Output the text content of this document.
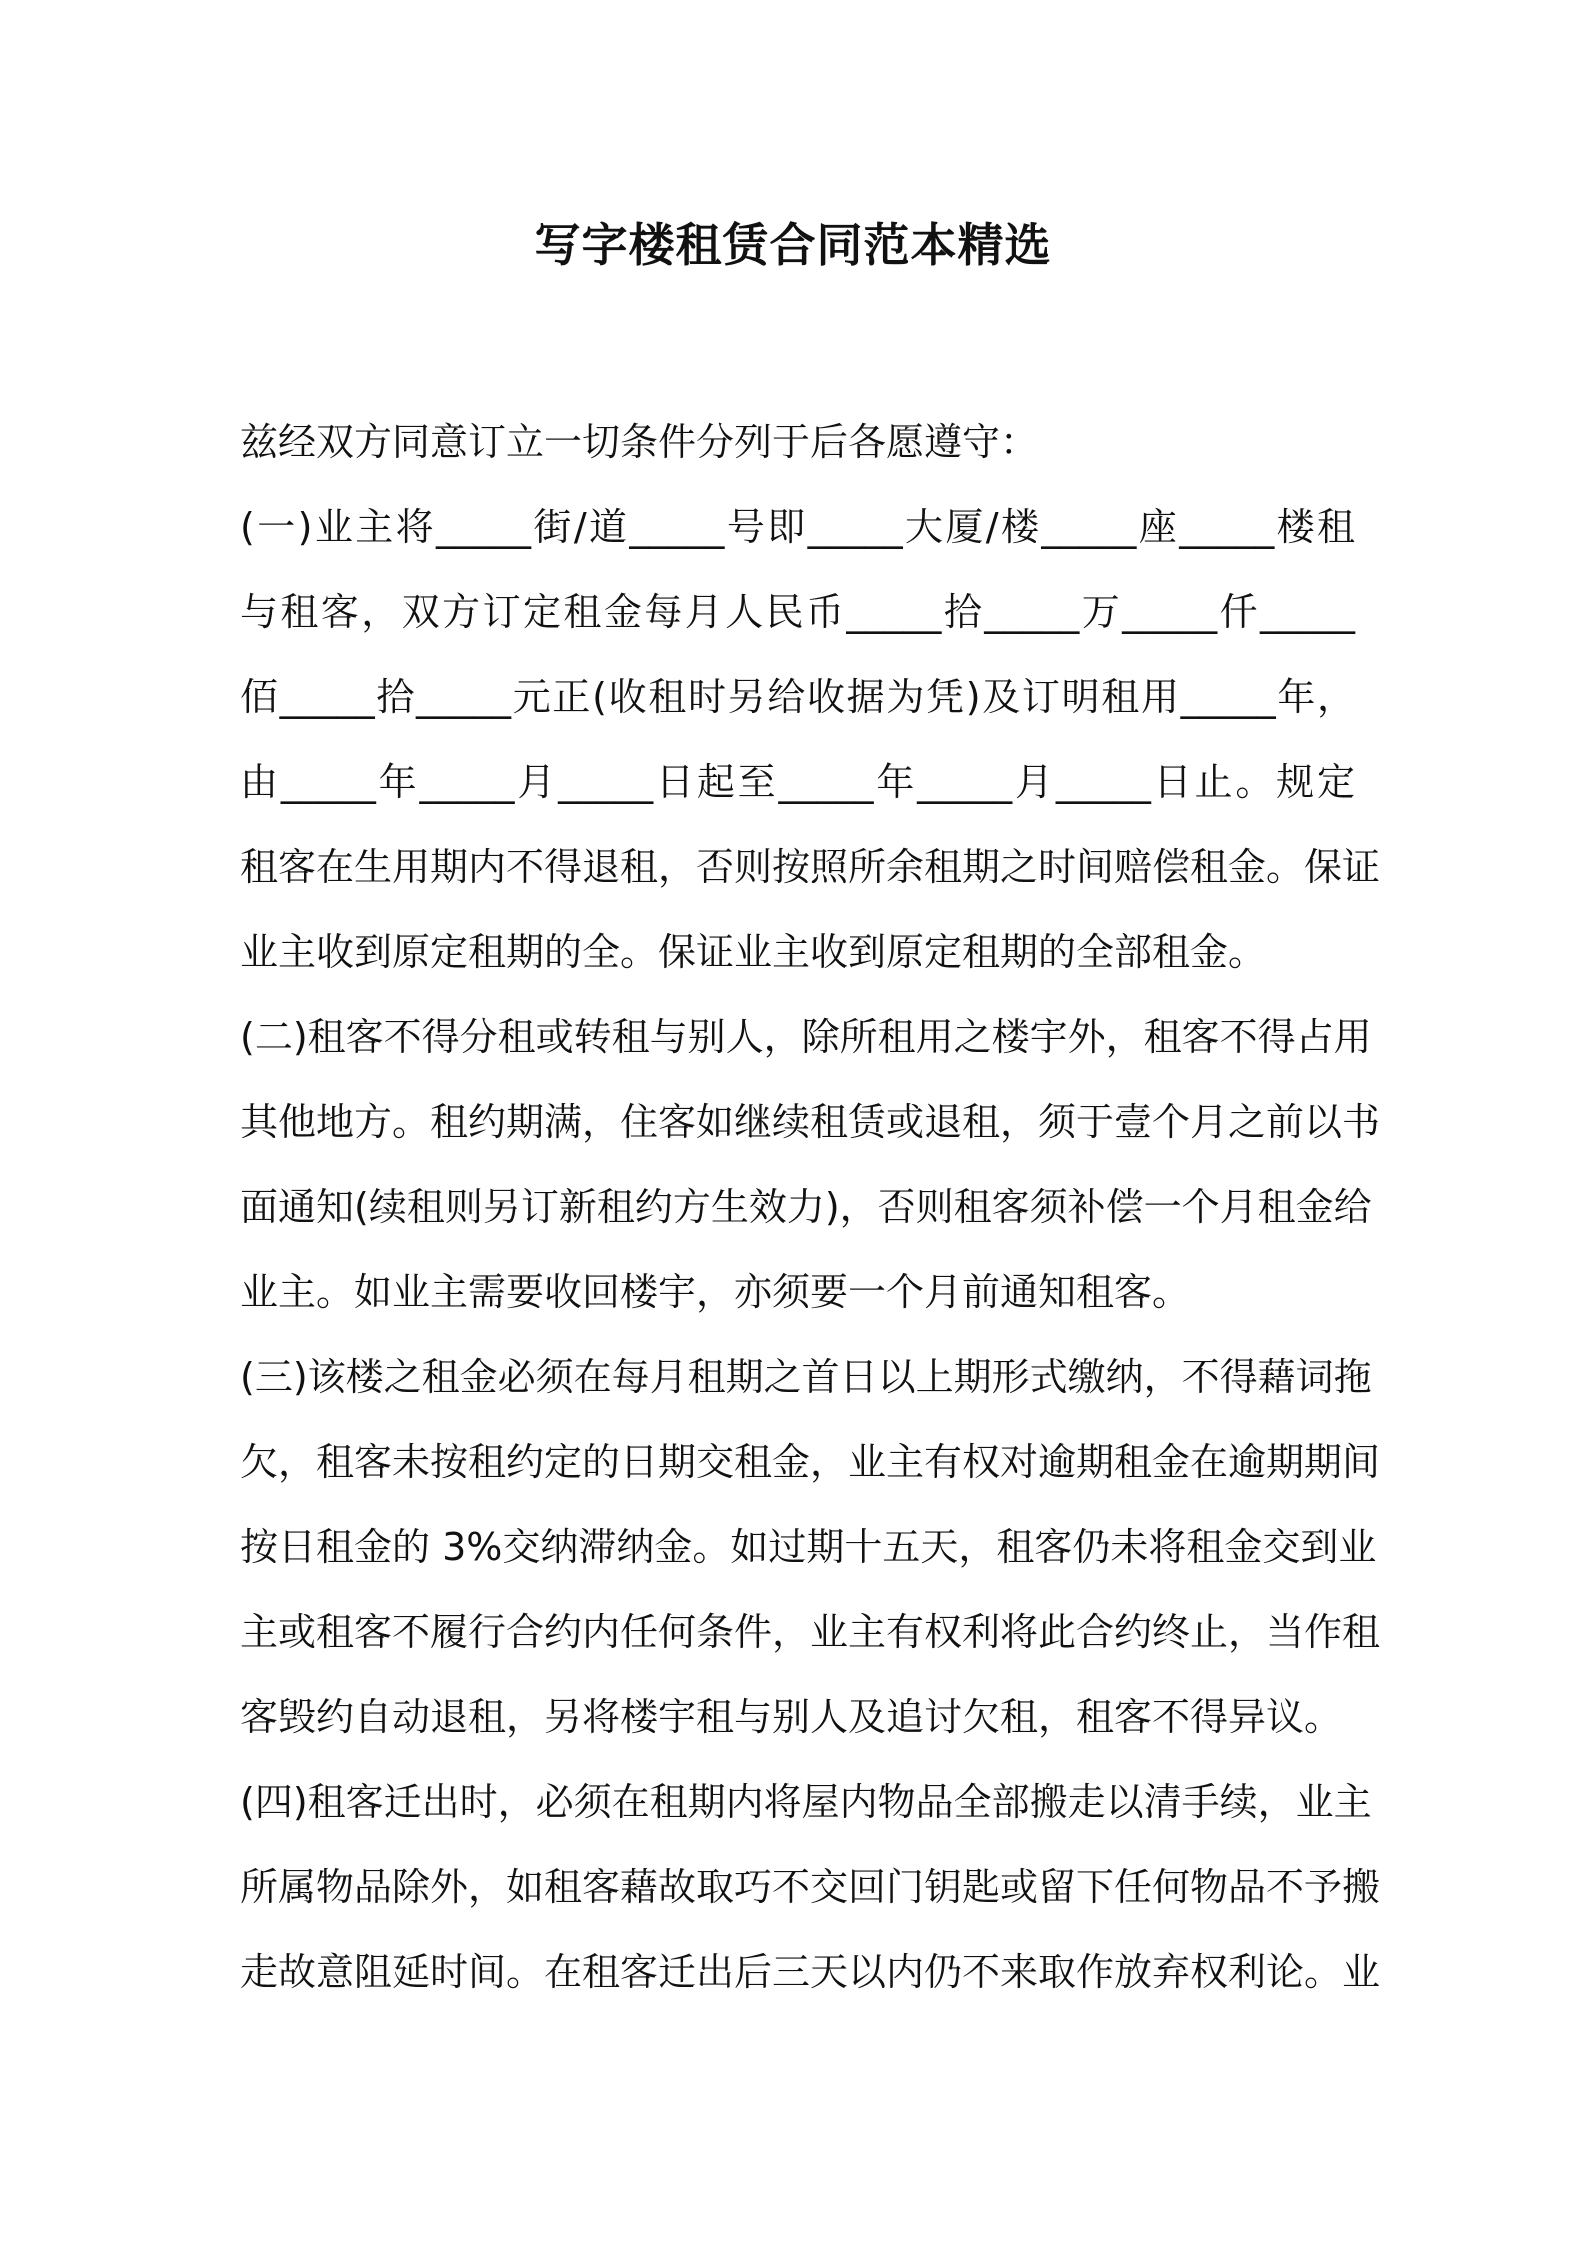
写字楼租赁合同范本精选
兹经双方同意订立一切条件分列于后各愿遵守：
(一)业主将_____街/道_____号即_____大厦/楼_____座_____楼租
与租客，双方订定租金每月人民币_____拾_____万_____仟_____
佰_____拾_____元正(收租时另给收据为凭)及订明租用_____年，
由_____年_____月_____日起至_____年_____月_____日止。规定
租客在生用期内不得退租，否则按照所余租期之时间赔偿租金。保证
业主收到原定租期的全。保证业主收到原定租期的全部租金。
(二)租客不得分租或转租与别人，除所租用之楼宇外，租客不得占用
其他地方。租约期满，住客如继续租赁或退租，须于壹个月之前以书
面通知(续租则另订新租约方生效力)，否则租客须补偿一个月租金给
业主。如业主需要收回楼宇，亦须要一个月前通知租客。
(三)该楼之租金必须在每月租期之首日以上期形式缴纳，不得藉词拖
欠，租客未按租约定的日期交租金，业主有权对逾期租金在逾期期间
按日租金的 3%交纳滞纳金。如过期十五天，租客仍未将租金交到业
主或租客不履行合约内任何条件，业主有权利将此合约终止，当作租
客毁约自动退租，另将楼宇租与别人及追讨欠租，租客不得异议。
(四)租客迁出时，必须在租期内将屋内物品全部搬走以清手续，业主
所属物品除外，如租客藉故取巧不交回门钥匙或留下任何物品不予搬
走故意阻延时间。在租客迁出后三天以内仍不来取作放弃权利论。业
